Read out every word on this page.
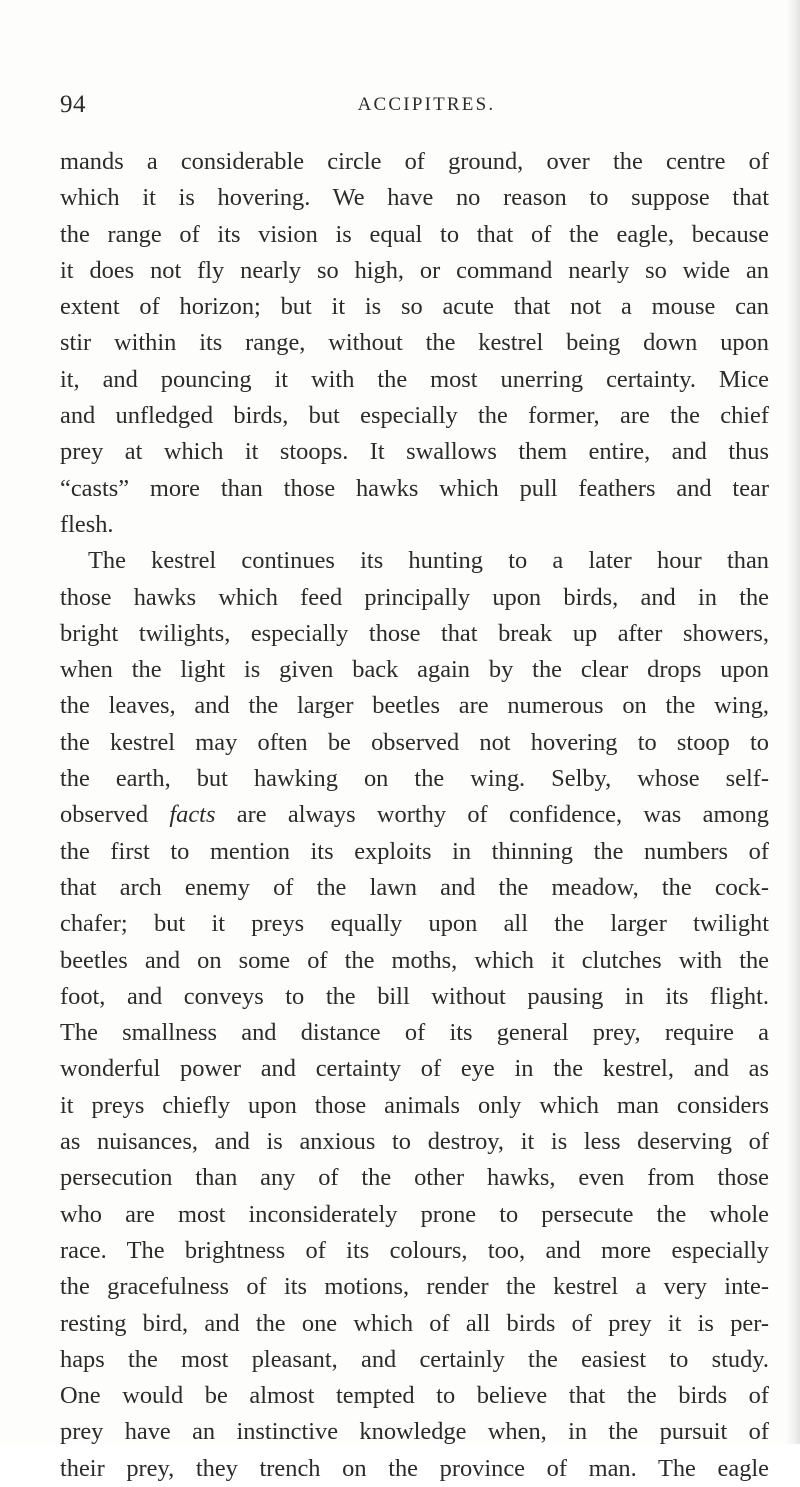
94	ACCIPITRES.
mands a considerable circle of ground, over the centre of
which it is hovering. We have no reason to suppose that
the range of its vision is equal to that of the eagle, because
it does not fly nearly so high, or command nearly so wide an
extent of horizon; but it is so acute that not a mouse can
stir within its range, without the kestrel being down upon
it, and pouncing it with the most unerring certainty. Mice
and unfledged birds, but especially the former, are the chief
prey at which it stoops. It swallows them entire, and thus
“casts” more than those hawks which pull feathers and tear
flesh.
The kestrel continues its hunting to a later hour than
those hawks which feed principally upon birds, and in the
bright twilights, especially those that break up after showers,
when the light is given back again by the clear drops upon
the leaves, and the larger beetles are numerous on the wing,
the kestrel may often be observed not hovering to stoop to
the earth, but hawking on the wing. Selby, whose self-
observed facts are always worthy of confidence, was among
the first to mention its exploits in thinning the numbers of
that arch enemy of the lawn and the meadow, the cock-
chafer; but it preys equally upon all the larger twilight
beetles and on some of the moths, which it clutches with the
foot, and conveys to the bill without pausing in its flight.
The smallness and distance of its general prey, require a
wonderful power and certainty of eye in the kestrel, and as
it preys chiefly upon those animals only which man considers
as nuisances, and is anxious to destroy, it is less deserving of
persecution than any of the other hawks, even from those
who are most inconsiderately prone to persecute the whole
race. The brightness of its colours, too, and more especially
the gracefulness of its motions, render the kestrel a very inte-
resting bird, and the one which of all birds of prey it is per-
haps the most pleasant, and certainly the easiest to study.
One would be almost tempted to believe that the birds of
prey have an instinctive knowledge when, in the pursuit of
their prey, they trench on the province of man. The eagle
